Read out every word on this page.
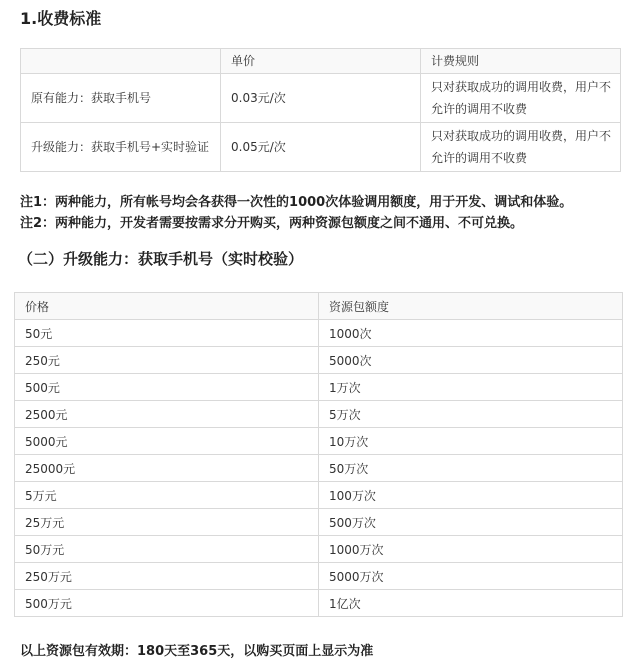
1.收费标准
	单价	计费规则
原有能力：获取手机号	0.03元/次	只对获取成功的调用收费，用户不允许的调用不收费
升级能力：获取手机号+实时验证	0.05元/次	只对获取成功的调用收费，用户不允许的调用不收费
注1：两种能力，所有帐号均会各获得一次性的1000次体验调用额度，用于开发、调试和体验。
注2：两种能力，开发者需要按需求分开购买，两种资源包额度之间不通用、不可兑换。
（二）升级能力：获取手机号（实时校验）
价格	资源包额度
50元	1000次
250元	5000次
500元	1万次
2500元	5万次
5000元	10万次
25000元	50万次
5万元	100万次
25万元	500万次
50万元	1000万次
250万元	5000万次
500万元	1亿次
以上资源包有效期：180天至365天，以购买页面上显示为准
